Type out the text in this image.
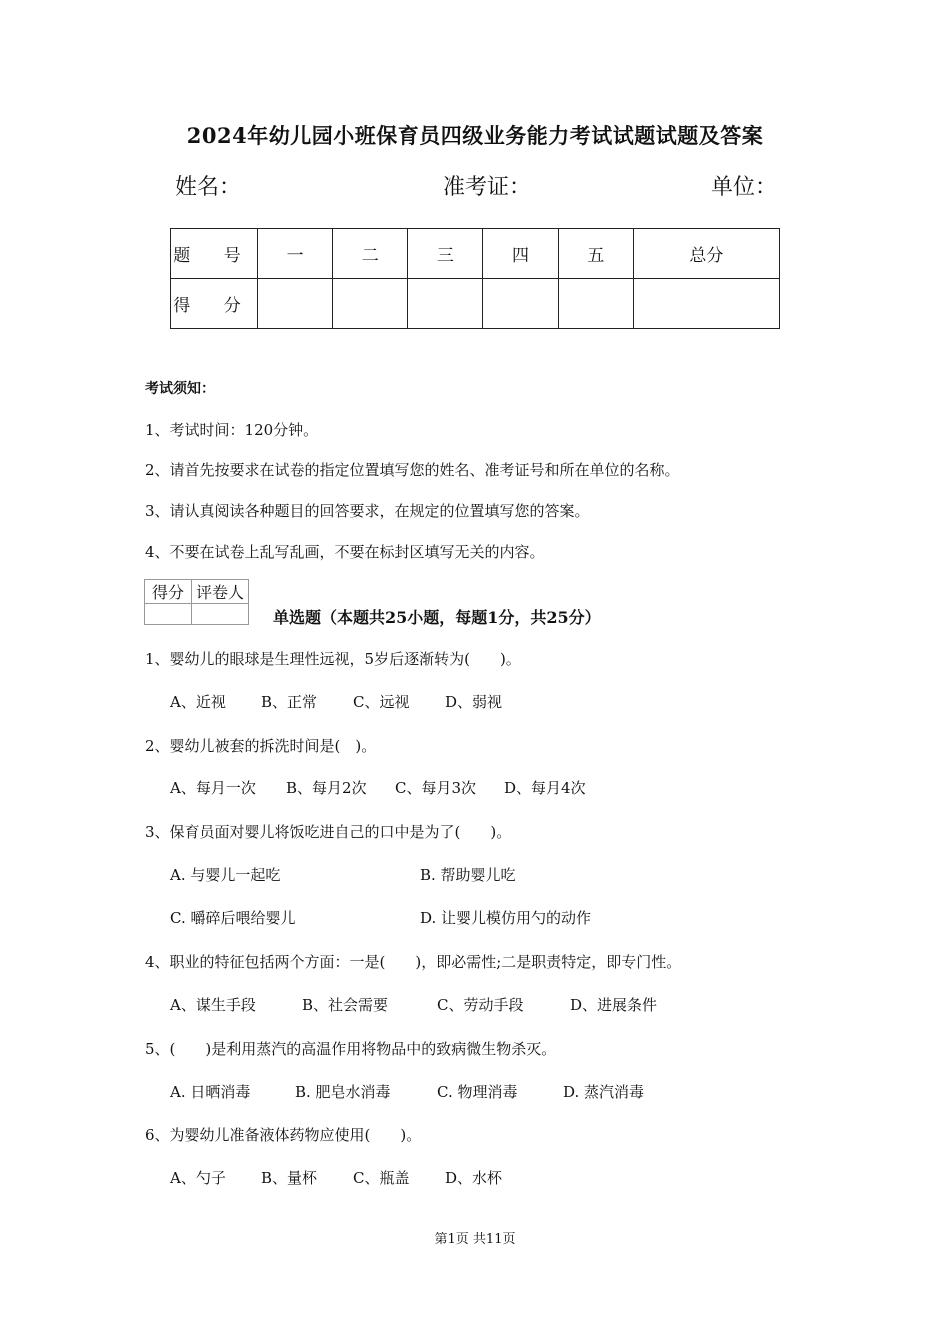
2024年幼儿园小班保育员四级业务能力考试试题试题及答案
姓名：	准考证：	单位：
题 号	一	二	三	四	五	总分
得 分						
考试须知：
1、考试时间：120分钟。
2、请首先按要求在试卷的指定位置填写您的姓名、准考证号和所在单位的名称。
3、请认真阅读各种题目的回答要求，在规定的位置填写您的答案。
4、不要在试卷上乱写乱画，不要在标封区填写无关的内容。
得分	评卷人

单选题（本题共25小题，每题1分，共25分）
1、婴幼儿的眼球是生理性远视，5岁后逐渐转为(　　)。
A、近视 B、正常 C、远视 D、弱视
2、婴幼儿被套的拆洗时间是(　)。
A、每月一次 B、每月2次 C、每月3次 D、每月4次
3、保育员面对婴儿将饭吃进自己的口中是为了(　　)。
A. 与婴儿一起吃	B. 帮助婴儿吃
C. 嚼碎后喂给婴儿	D. 让婴儿模仿用勺的动作
4、职业的特征包括两个方面：一是(　　)，即必需性;二是职责特定，即专门性。
A、谋生手段	B、社会需要	C、劳动手段	D、进展条件
5、(　　)是利用蒸汽的高温作用将物品中的致病微生物杀灭。
A. 日晒消毒	B. 肥皂水消毒	C. 物理消毒	D. 蒸汽消毒
6、为婴幼儿准备液体药物应使用(　　)。
A、勺子 B、量杯 C、瓶盖 D、水杯
第1页 共11页
